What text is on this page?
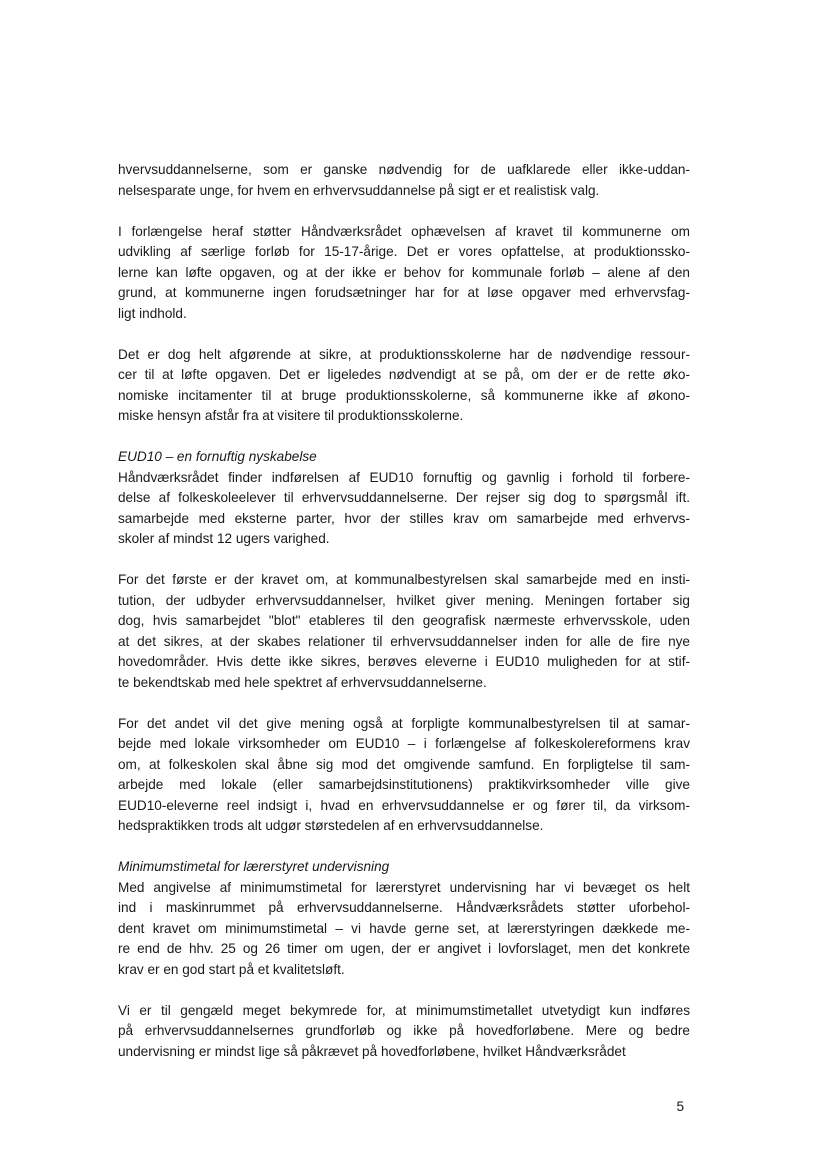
hvervsuddannelserne, som er ganske nødvendig for de uafklarede eller ikke-uddan-
nelsesparate unge, for hvem en erhvervsuddannelse på sigt er et realistisk valg.
I forlængelse heraf støtter Håndværksrådet ophævelsen af kravet til kommunerne om
udvikling af særlige forløb for 15-17-årige. Det er vores opfattelse, at produktionssko-
lerne kan løfte opgaven, og at der ikke er behov for kommunale forløb – alene af den
grund, at kommunerne ingen forudsætninger har for at løse opgaver med erhvervsfag-
ligt indhold.
Det er dog helt afgørende at sikre, at produktionsskolerne har de nødvendige ressour-
cer til at løfte opgaven. Det er ligeledes nødvendigt at se på, om der er de rette øko-
nomiske incitamenter til at bruge produktionsskolerne, så kommunerne ikke af økono-
miske hensyn afstår fra at visitere til produktionsskolerne.
EUD10 – en fornuftig nyskabelse
Håndværksrådet finder indførelsen af EUD10 fornuftig og gavnlig i forhold til forbere-
delse af folkeskoleelever til erhvervsuddannelserne. Der rejser sig dog to spørgsmål ift.
samarbejde med eksterne parter, hvor der stilles krav om samarbejde med erhvervs-
skoler af mindst 12 ugers varighed.
For det første er der kravet om, at kommunalbestyrelsen skal samarbejde med en insti-
tution, der udbyder erhvervsuddannelser, hvilket giver mening. Meningen fortaber sig
dog, hvis samarbejdet "blot" etableres til den geografisk nærmeste erhvervsskole, uden
at det sikres, at der skabes relationer til erhvervsuddannelser inden for alle de fire nye
hovedområder. Hvis dette ikke sikres, berøves eleverne i EUD10 muligheden for at stif-
te bekendtskab med hele spektret af erhvervsuddannelserne.
For det andet vil det give mening også at forpligte kommunalbestyrelsen til at samar-
bejde med lokale virksomheder om EUD10 – i forlængelse af folkeskolereformens krav
om, at folkeskolen skal åbne sig mod det omgivende samfund. En forpligtelse til sam-
arbejde med lokale (eller samarbejdsinstitutionens) praktikvirksomheder ville give
EUD10-eleverne reel indsigt i, hvad en erhvervsuddannelse er og fører til, da virksom-
hedspraktikken trods alt udgør størstedelen af en erhvervsuddannelse.
Minimumstimetal for lærerstyret undervisning
Med angivelse af minimumstimetal for lærerstyret undervisning har vi bevæget os helt
ind i maskinrummet på erhvervsuddannelserne. Håndværksrådets støtter uforbehol-
dent kravet om minimumstimetal – vi havde gerne set, at lærerstyringen dækkede me-
re end de hhv. 25 og 26 timer om ugen, der er angivet i lovforslaget, men det konkrete
krav er en god start på et kvalitetsløft.
Vi er til gengæld meget bekymrede for, at minimumstimetallet utvetydigt kun indføres
på erhvervsuddannelsernes grundforløb og ikke på hovedforløbene. Mere og bedre
undervisning er mindst lige så påkrævet på hovedforløbene, hvilket Håndværksrådet
5
